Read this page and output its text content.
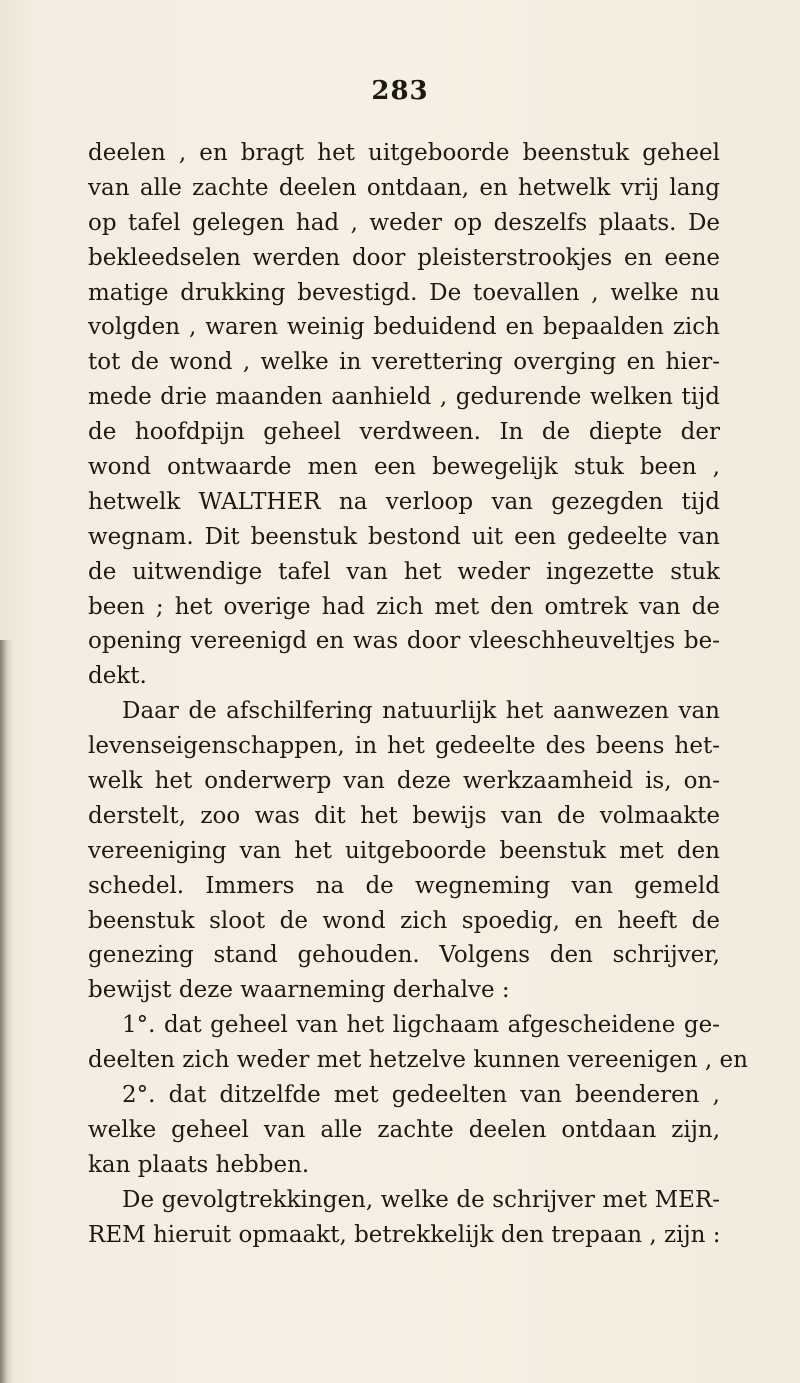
283
deelen , en bragt het uitgeboorde beenstuk geheel
van alle zachte deelen ontdaan, en hetwelk vrij lang
op tafel gelegen had , weder op deszelfs plaats. De
bekleedselen werden door pleisterstrookjes en eene
matige drukking bevestigd. De toevallen , welke nu
volgden , waren weinig beduidend en bepaalden zich
tot de wond , welke in verettering overging en hier-
mede drie maanden aanhield , gedurende welken tijd
de hoofdpijn geheel verdween. In de diepte der
wond ontwaarde men een bewegelijk stuk been ,
hetwelk WALTHER na verloop van gezegden tijd
wegnam. Dit beenstuk bestond uit een gedeelte van
de uitwendige tafel van het weder ingezette stuk
been ; het overige had zich met den omtrek van de
opening vereenigd en was door vleeschheuveltjes be-
dekt.
Daar de afschilfering natuurlijk het aanwezen van
levenseigenschappen, in het gedeelte des beens het-
welk het onderwerp van deze werkzaamheid is, on-
derstelt, zoo was dit het bewijs van de volmaakte
vereeniging van het uitgeboorde beenstuk met den
schedel. Immers na de wegneming van gemeld
beenstuk sloot de wond zich spoedig, en heeft de
genezing stand gehouden. Volgens den schrijver,
bewijst deze waarneming derhalve :
1°. dat geheel van het ligchaam afgescheidene ge-
deelten zich weder met hetzelve kunnen vereenigen , en
2°. dat ditzelfde met gedeelten van beenderen ,
welke geheel van alle zachte deelen ontdaan zijn,
kan plaats hebben.
De gevolgtrekkingen, welke de schrijver met MER-
REM hieruit opmaakt, betrekkelijk den trepaan , zijn :
